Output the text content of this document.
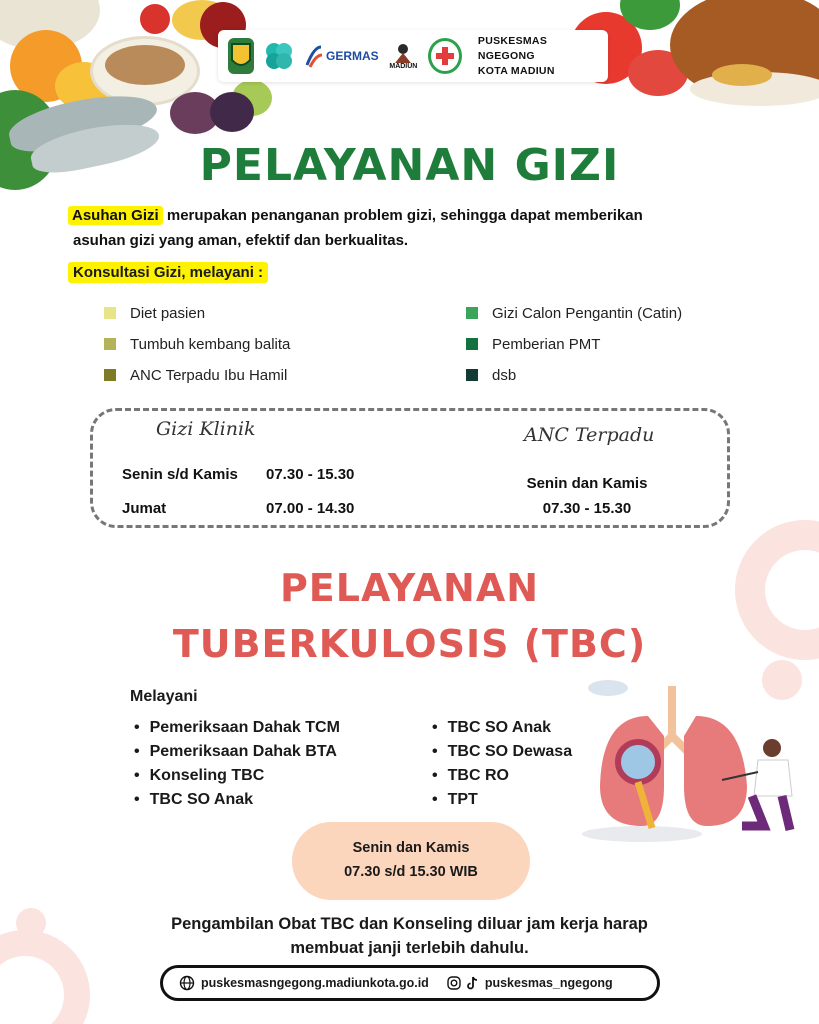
GERMAS
MADIUN
PUSKESMAS NGEGONG
KOTA MADIUN
PELAYANAN GIZI
Asuhan Gizi merupakan penanganan problem gizi, sehingga dapat memberikan
asuhan gizi yang aman, efektif dan berkualitas.
Konsultasi Gizi, melayani :
Diet pasien
Tumbuh kembang balita
ANC Terpadu Ibu Hamil
Gizi Calon Pengantin (Catin)
Pemberian PMT
dsb
Gizi Klinik
Senin s/d Kamis 07.30 - 15.30
Jumat	07.00 - 14.30
ANC Terpadu
Senin dan Kamis
07.30 - 15.30
PELAYANAN
TUBERKULOSIS (TBC)
Melayani
• Pemeriksaan Dahak TCM
• Pemeriksaan Dahak BTA
• Konseling TBC
• TBC SO Anak
• TBC SO Anak
• TBC SO Dewasa
• TBC RO
• TPT
Senin dan Kamis
07.30 s/d 15.30 WIB
Pengambilan Obat TBC dan Konseling diluar jam kerja harap
membuat janji terlebih dahulu.
puskesmasngegong.madiunkota.go.id	puskesmas_ngegong
